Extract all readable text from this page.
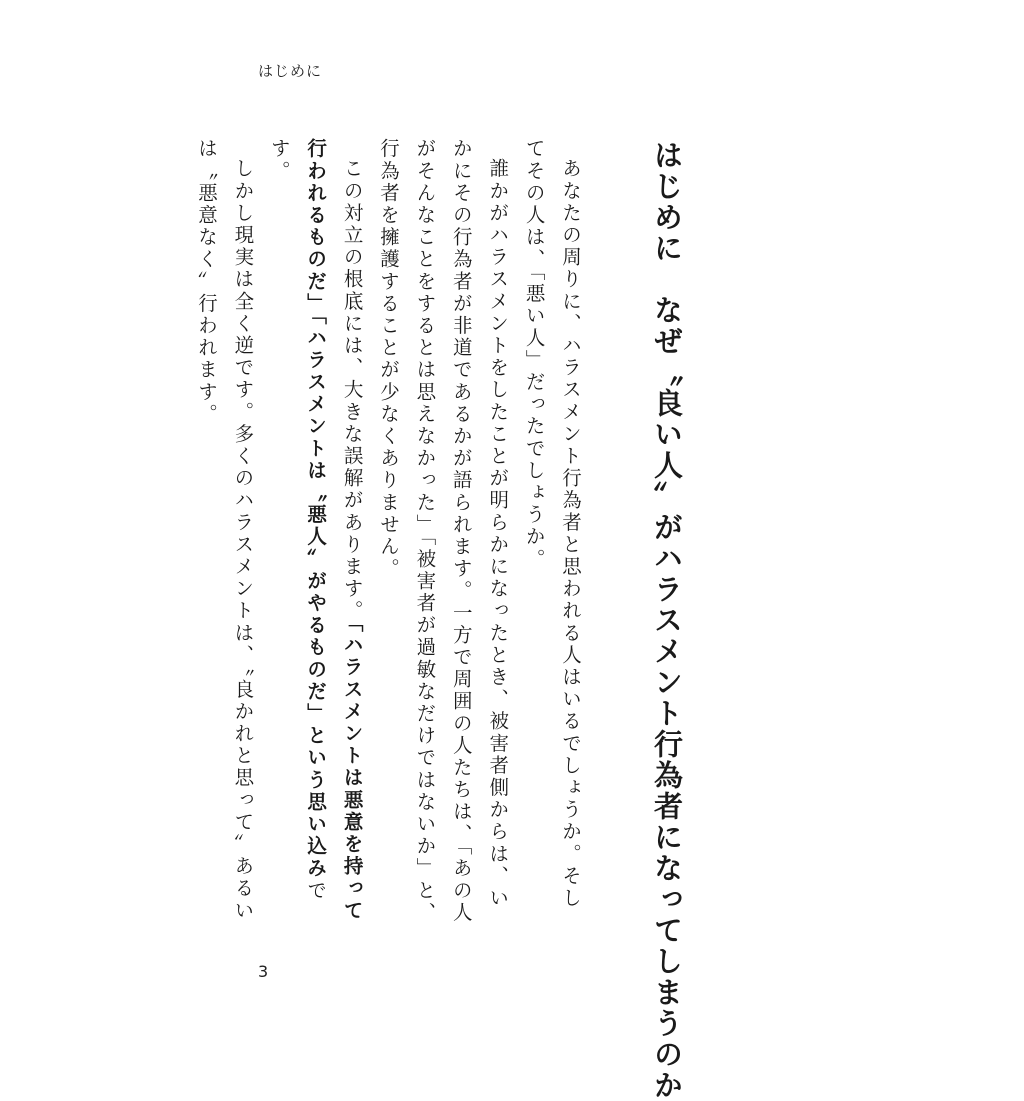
はじめに
はじめに　なぜ〝良い人〟がハラスメント行為者になってしまうのか

あなたの周りに、ハラスメント行為者と思われる人はいるでしょうか。そしてその人は、「悪い人」だったでしょうか。

誰かがハラスメントをしたことが明らかになったとき、被害者側からは、いかにその行為者が非道であるかが語られます。一方で周囲の人たちは、「あの人がそんなことをするとは思えなかった」「被害者が過敏なだけではないか」と、行為者を擁護することが少なくありません。

この対立の根底には、大きな誤解があります。「ハラスメントは悪意を持って行われるものだ」「ハラスメントは〝悪人〟がやるものだ」という思い込みです。

しかし現実は全く逆です。多くのハラスメントは、〝良かれと思って〟あるいは〝悪意なく〟行われます。

3
